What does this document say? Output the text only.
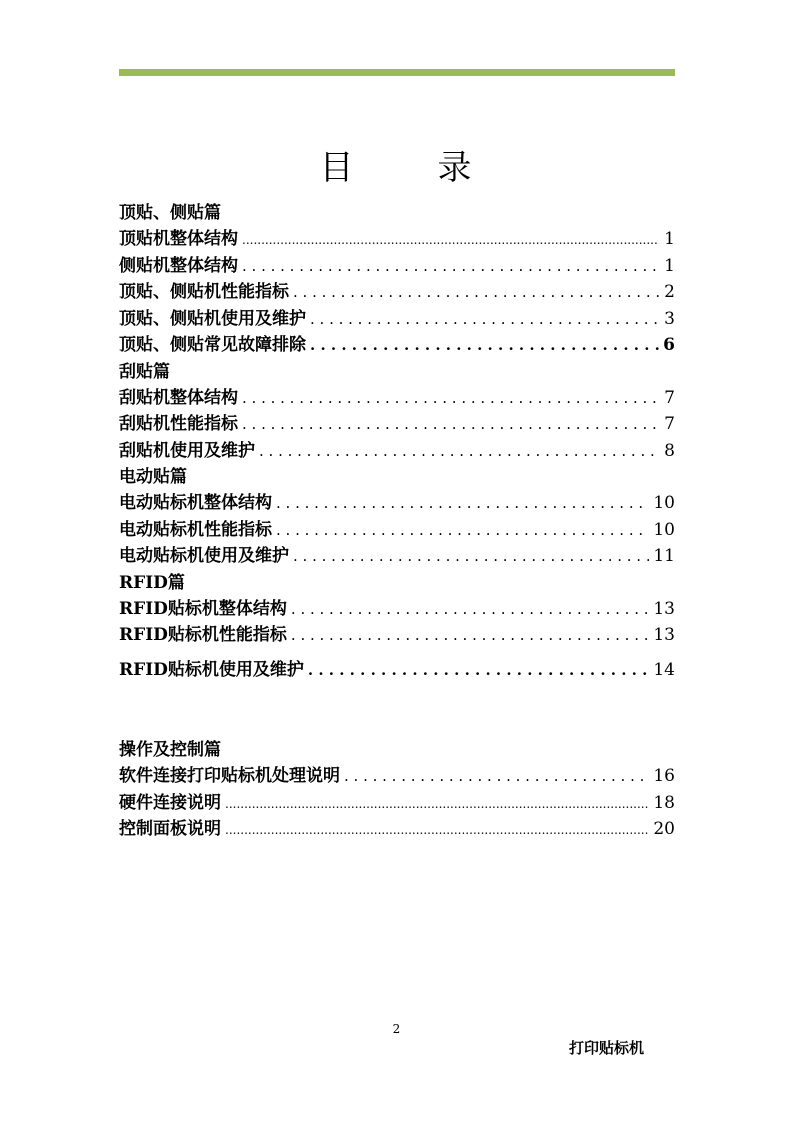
目 录
顶贴、侧贴篇
顶贴机整体结构 .....	1
侧贴机整体结构 . . .	1
顶贴、侧贴机性能指标 . . .	2
顶贴、侧贴机使用及维护 . . .	3
顶贴、侧贴常见故障排除 . . .	6
刮贴篇
刮贴机整体结构 . . .	7
刮贴机性能指标 . . .	7
刮贴机使用及维护 . . .	8
电动贴篇
电动贴标机整体结构 . . .	10
电动贴标机性能指标 . . .	10
电动贴标机使用及维护 . . .	11
RFID篇
RFID贴标机整体结构 . . .	13
RFID贴标机性能指标 . . .	13
RFID贴标机使用及维护 . . .	14
操作及控制篇
软件连接打印贴标机处理说明 . . .	16
硬件连接说明 .....	18
控制面板说明 .....	20
2
打印贴标机
